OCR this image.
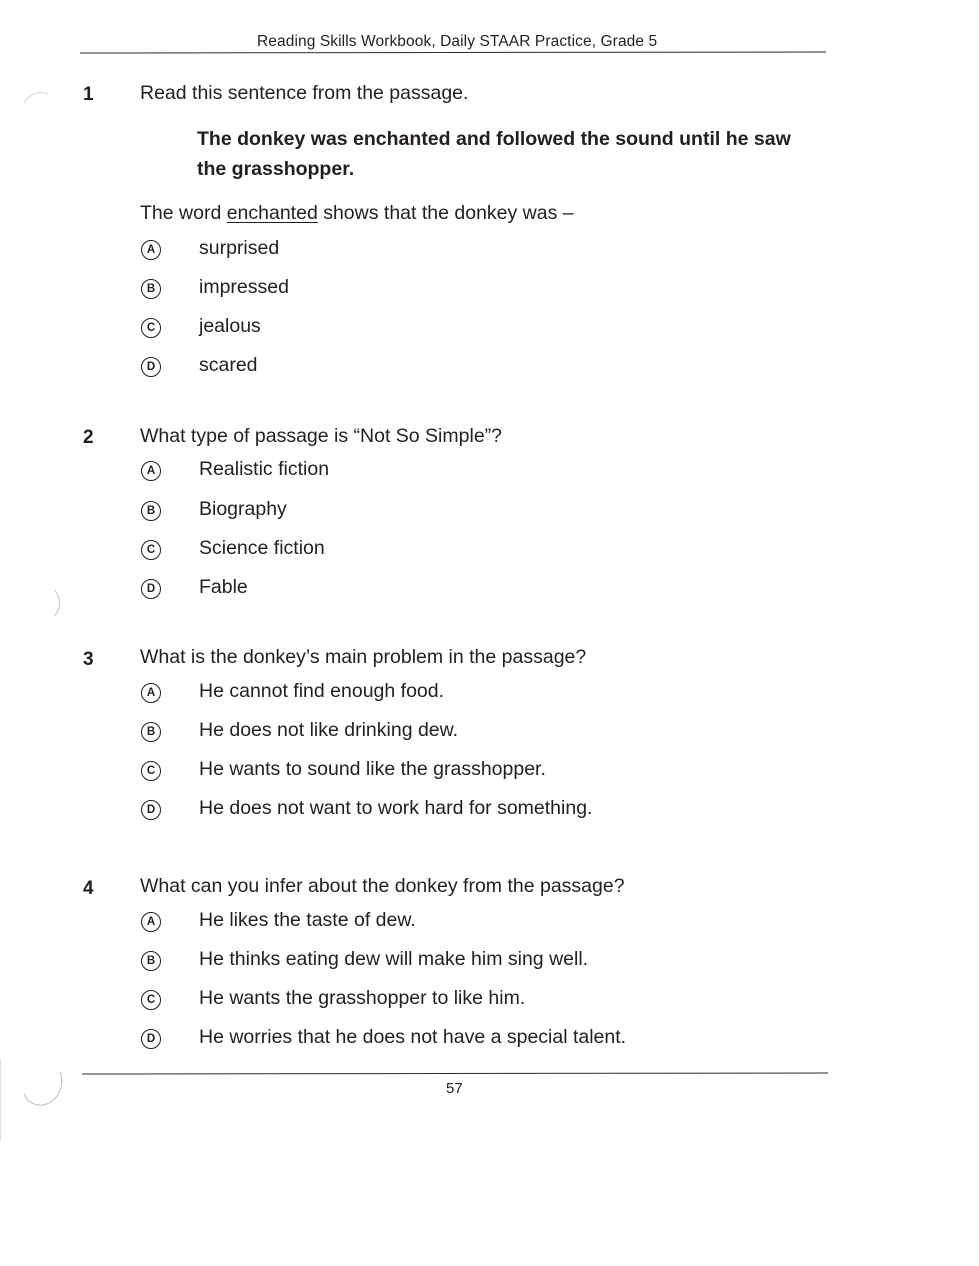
Reading Skills Workbook, Daily STAAR Practice, Grade 5
1 Read this sentence from the passage.
The donkey was enchanted and followed the sound until he saw the grasshopper.
The word enchanted shows that the donkey was –
A surprised
B impressed
C jealous
D scared
2 What type of passage is “Not So Simple”?
A Realistic fiction
B Biography
C Science fiction
D Fable
3 What is the donkey’s main problem in the passage?
A He cannot find enough food.
B He does not like drinking dew.
C He wants to sound like the grasshopper.
D He does not want to work hard for something.
4 What can you infer about the donkey from the passage?
A He likes the taste of dew.
B He thinks eating dew will make him sing well.
C He wants the grasshopper to like him.
D He worries that he does not have a special talent.
57
